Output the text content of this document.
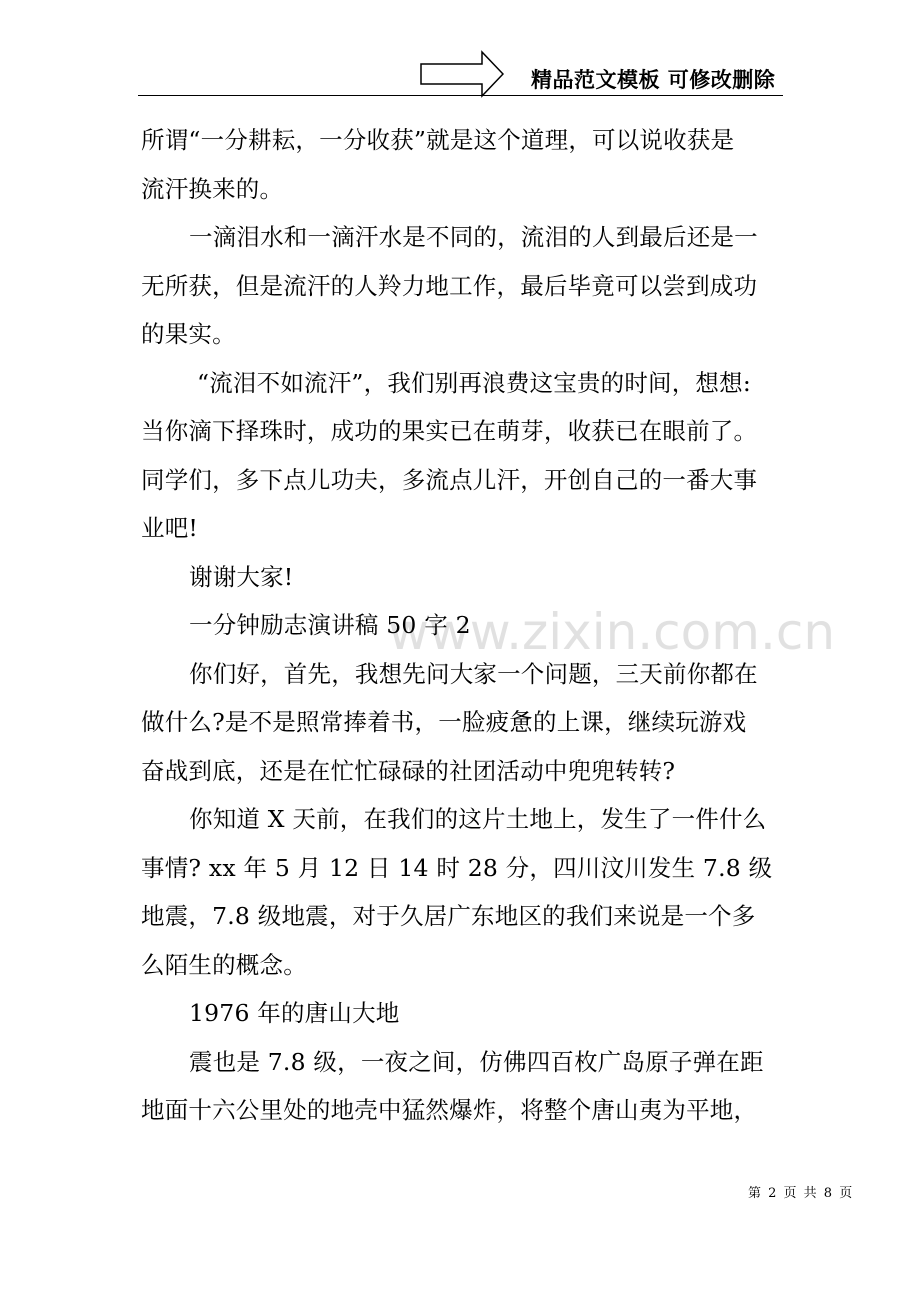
精品范文模板 可修改删除
www.zixin.com.cn
所谓“一分耕耘，一分收获”就是这个道理，可以说收获是
流汗换来的。
一滴泪水和一滴汗水是不同的，流泪的人到最后还是一
无所获，但是流汗的人羚力地工作，最后毕竟可以尝到成功
的果实。
“流泪不如流汗”，我们别再浪费这宝贵的时间，想想:
当你滴下择珠时，成功的果实已在萌芽，收获已在眼前了。
同学们，多下点儿功夫，多流点儿汗，开创自己的一番大事
业吧!
谢谢大家!
一分钟励志演讲稿 50 字 2
你们好，首先，我想先问大家一个问题，三天前你都在
做什么?是不是照常捧着书，一脸疲惫的上课，继续玩游戏
奋战到底，还是在忙忙碌碌的社团活动中兜兜转转?
你知道 X 天前，在我们的这片土地上，发生了一件什么
事情? xx 年 5 月 12 日 14 时 28 分，四川汶川发生 7.8 级
地震，7.8 级地震，对于久居广东地区的我们来说是一个多
么陌生的概念。
1976 年的唐山大地
震也是 7.8 级，一夜之间，仿佛四百枚广岛原子弹在距
地面十六公里处的地壳中猛然爆炸，将整个唐山夷为平地，
第 2 页 共 8 页
